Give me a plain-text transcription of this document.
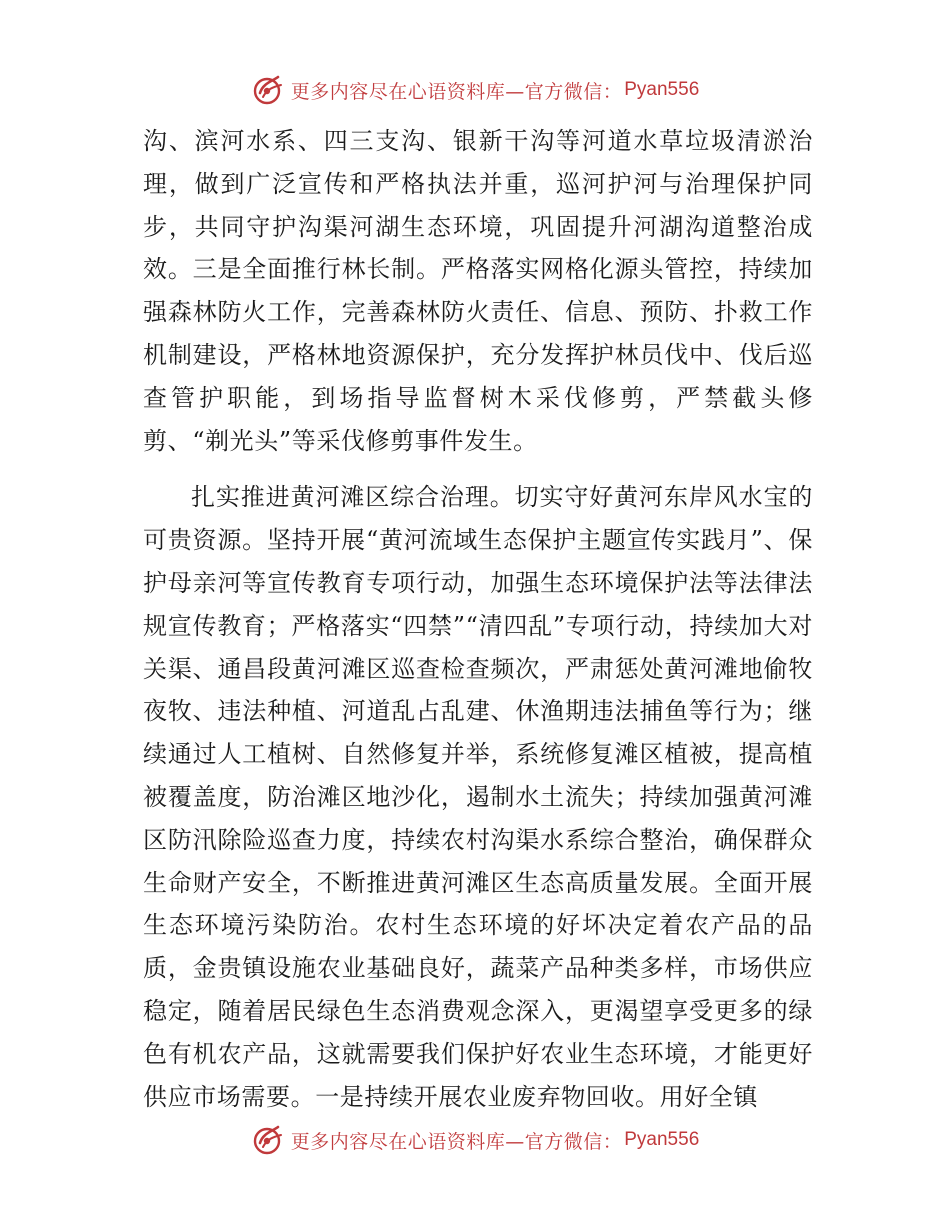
更多内容尽在心语资料库—官方微信： Pyan556

沟、滨河水系、四三支沟、银新干沟等河道水草垃圾清淤治理，做到广泛宣传和严格执法并重，巡河护河与治理保护同步，共同守护沟渠河湖生态环境，巩固提升河湖沟道整治成效。三是全面推行林长制。严格落实网格化源头管控，持续加强森林防火工作，完善森林防火责任、信息、预防、扑救工作机制建设，严格林地资源保护，充分发挥护林员伐中、伐后巡查管护职能，到场指导监督树木采伐修剪，严禁截头修剪、“剃光头”等采伐修剪事件发生。

扎实推进黄河滩区综合治理。切实守好黄河东岸风水宝的可贵资源。坚持开展“黄河流域生态保护主题宣传实践月”、保护母亲河等宣传教育专项行动，加强生态环境保护法等法律法规宣传教育；严格落实“四禁”“清四乱”专项行动，持续加大对关渠、通昌段黄河滩区巡查检查频次，严肃惩处黄河滩地偷牧夜牧、违法种植、河道乱占乱建、休渔期违法捕鱼等行为；继续通过人工植树、自然修复并举，系统修复滩区植被，提高植被覆盖度，防治滩区地沙化，遏制水土流失；持续加强黄河滩区防汛除险巡查力度，持续农村沟渠水系综合整治，确保群众生命财产安全，不断推进黄河滩区生态高质量发展。全面开展生态环境污染防治。农村生态环境的好坏决定着农产品的品质，金贵镇设施农业基础良好，蔬菜产品种类多样，市场供应稳定，随着居民绿色生态消费观念深入，更渴望享受更多的绿色有机农产品，这就需要我们保护好农业生态环境，才能更好供应市场需要。一是持续开展农业废弃物回收。用好全镇

更多内容尽在心语资料库—官方微信： Pyan556
